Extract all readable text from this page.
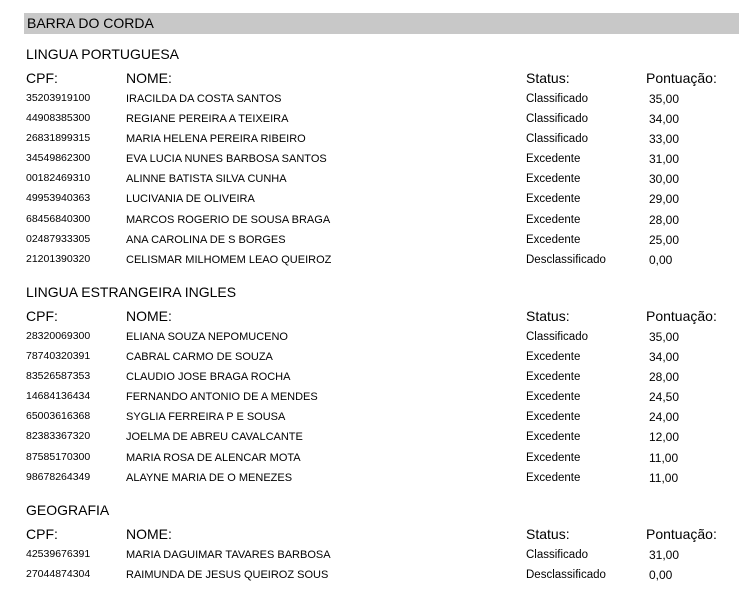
BARRA DO CORDA
LINGUA PORTUGUESA
CPF:	NOME:	Status:	Pontuação:
35203919100	IRACILDA DA COSTA SANTOS	Classificado	35,00
44908385300	REGIANE PEREIRA A TEIXEIRA	Classificado	34,00
26831899315	MARIA HELENA PEREIRA RIBEIRO	Classificado	33,00
34549862300	EVA LUCIA NUNES BARBOSA SANTOS	Excedente	31,00
00182469310	ALINNE BATISTA SILVA CUNHA	Excedente	30,00
49953940363	LUCIVANIA DE OLIVEIRA	Excedente	29,00
68456840300	MARCOS ROGERIO DE SOUSA BRAGA	Excedente	28,00
02487933305	ANA CAROLINA DE S BORGES	Excedente	25,00
21201390320	CELISMAR MILHOMEM LEAO QUEIROZ	Desclassificado	0,00
LINGUA ESTRANGEIRA INGLES
CPF:	NOME:	Status:	Pontuação:
28320069300	ELIANA SOUZA NEPOMUCENO	Classificado	35,00
78740320391	CABRAL CARMO DE SOUZA	Excedente	34,00
83526587353	CLAUDIO JOSE BRAGA ROCHA	Excedente	28,00
14684136434	FERNANDO ANTONIO DE A MENDES	Excedente	24,50
65003616368	SYGLIA FERREIRA P E SOUSA	Excedente	24,00
82383367320	JOELMA DE ABREU CAVALCANTE	Excedente	12,00
87585170300	MARIA ROSA DE ALENCAR MOTA	Excedente	11,00
98678264349	ALAYNE MARIA DE O MENEZES	Excedente	11,00
GEOGRAFIA
CPF:	NOME:	Status:	Pontuação:
42539676391	MARIA DAGUIMAR TAVARES BARBOSA	Classificado	31,00
27044874304	RAIMUNDA DE JESUS QUEIROZ SOUS	Desclassificado	0,00
